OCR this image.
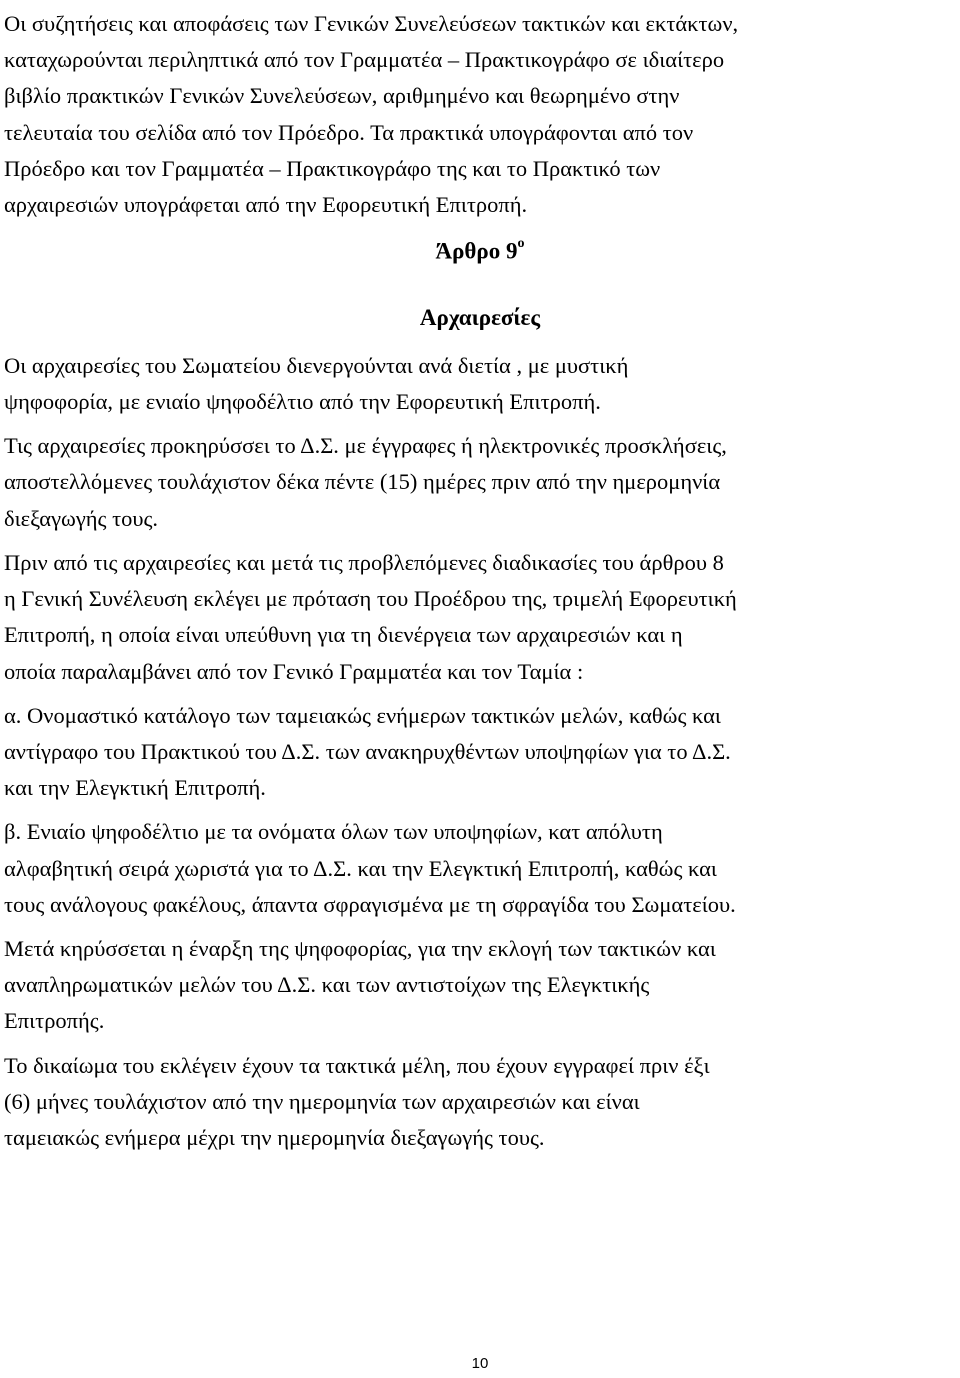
Οι συζητήσεις και αποφάσεις των Γενικών Συνελεύσεων τακτικών και εκτάκτων,
καταχωρούνται περιληπτικά από τον Γραμματέα – Πρακτικογράφο σε ιδιαίτερο
βιβλίο πρακτικών Γενικών Συνελεύσεων, αριθμημένο και θεωρημένο στην
τελευταία του σελίδα από τον Πρόεδρο. Τα πρακτικά υπογράφονται από τον
Πρόεδρο και τον Γραμματέα – Πρακτικογράφο της και το Πρακτικό των
αρχαιρεσιών υπογράφεται από την Εφορευτική Επιτροπή.

Άρθρο $9^o$
Αρχαιρεσίες

Οι αρχαιρεσίες του Σωματείου διενεργούνται ανά διετία , με μυστική
ψηφοφορία, με ενιαίο ψηφοδέλτιο από την Εφορευτική Επιτροπή.

Τις αρχαιρεσίες προκηρύσσει το Δ.Σ. με έγγραφες ή ηλεκτρονικές προσκλήσεις,
αποστελλόμενες τουλάχιστον δέκα πέντε (15) ημέρες πριν από την ημερομηνία
διεξαγωγής τους.

Πριν από τις αρχαιρεσίες και μετά τις προβλεπόμενες διαδικασίες του άρθρου 8
η Γενική Συνέλευση εκλέγει με πρόταση του Προέδρου της, τριμελή Εφορευτική
Επιτροπή, η οποία είναι υπεύθυνη για τη διενέργεια των αρχαιρεσιών και η
οποία παραλαμβάνει από τον Γενικό Γραμματέα και τον Ταμία :

α. Ονομαστικό κατάλογο των ταμειακώς ενήμερων τακτικών μελών, καθώς και
αντίγραφο του Πρακτικού του Δ.Σ. των ανακηρυχθέντων υποψηφίων για το Δ.Σ.
και την Ελεγκτική Επιτροπή.

β. Ενιαίο ψηφοδέλτιο με τα ονόματα όλων των υποψηφίων, κατ απόλυτη
αλφαβητική σειρά χωριστά για το Δ.Σ. και την Ελεγκτική Επιτροπή, καθώς και
τους ανάλογους φακέλους, άπαντα σφραγισμένα με τη σφραγίδα του Σωματείου.

Μετά κηρύσσεται η έναρξη της ψηφοφορίας, για την εκλογή των τακτικών και
αναπληρωματικών μελών του Δ.Σ. και των αντιστοίχων της Ελεγκτικής
Επιτροπής.

Το δικαίωμα του εκλέγειν έχουν τα τακτικά μέλη, που έχουν εγγραφεί πριν έξι
(6) μήνες τουλάχιστον από την ημερομηνία των αρχαιρεσιών και είναι
ταμειακώς ενήμερα μέχρι την ημερομηνία διεξαγωγής τους.

10
